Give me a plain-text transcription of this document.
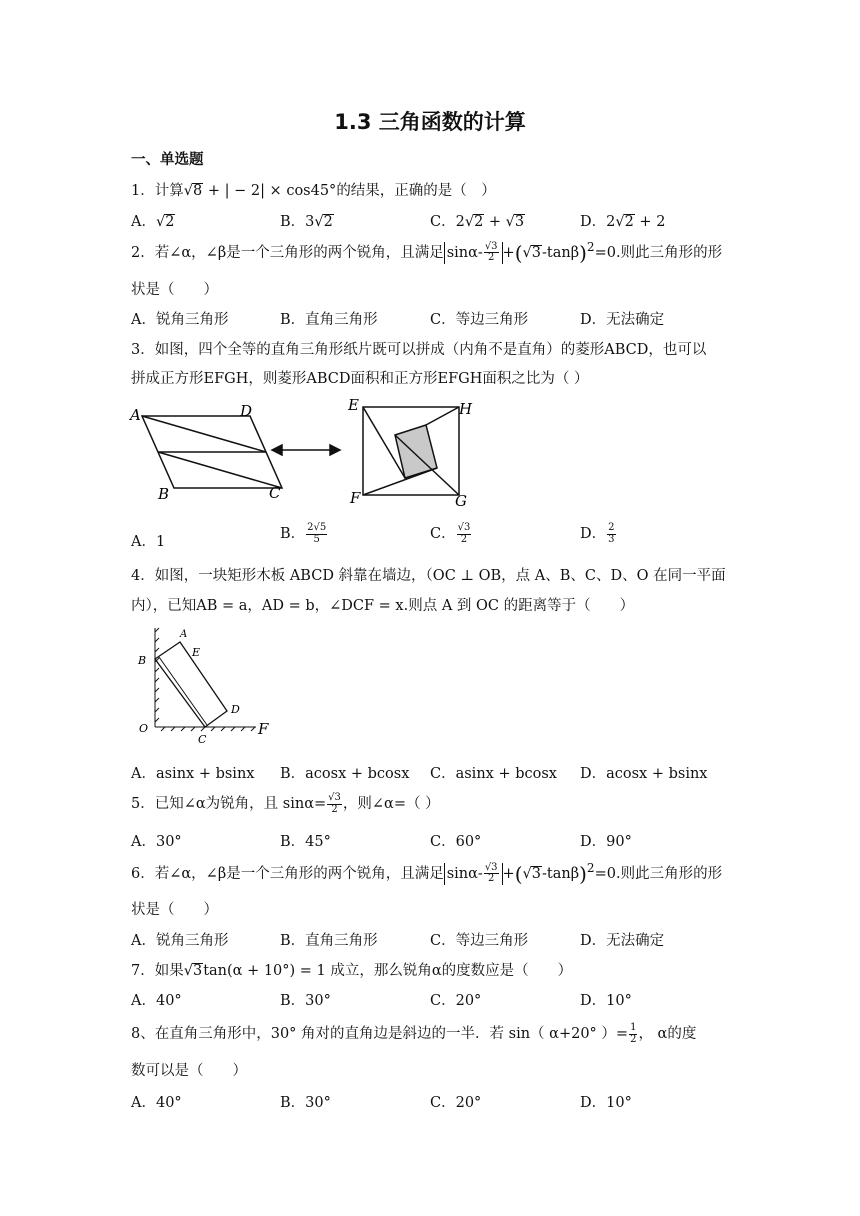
1.3 三角函数的计算
一、单选题
1．计算√8 + | − 2| × cos45°的结果，正确的是（　）
A．√2	B．3√2	C．2√2 + √3	D．2√2 + 2
2．若∠α，∠β是一个三角形的两个锐角，且满足 $\sin\alpha- \frac{√3}{2} +(√3-\tan\beta)^2=0$.则此三角形的形
状是（　　）
A．锐角三角形	B．直角三角形	C．等边三角形	D．无法确定
3．如图，四个全等的直角三角形纸片既可以拼成（内角不是直角）的菱形ABCD，也可以
拼成正方形EFGH，则菱形ABCD面积和正方形EFGH面积之比为（ ）
A	D
B	C
E	H
F	G
A．1	B． $\frac{2√5}{5}$	C． $\frac{√3}{2}$	D． $\frac{2}{3}$
4．如图，一块矩形木板 ABCD 斜靠在墙边，（OC ⊥ OB，点 A、B、C、D、O 在同一平面
内），已知AB = a，AD = b，∠DCF = x.则点 A 到 OC 的距离等于（　　）
A
E
B
D
O
C
F
A．asinx + bsinx B．acosx + bcosx C．asinx + bcosx D．acosx + bsinx
5．已知∠α为锐角，且 $\sin\alpha= \frac{√3}{2}$ ，则∠α=（ ）
A．30°	B．45°	C．60°	D．90°
6．若∠α，∠β是一个三角形的两个锐角，且满足 $\sin\alpha- \frac{√3}{2} +(√3-\tan\beta)^2=0$.则此三角形的形
状是（　　）
A．锐角三角形	B．直角三角形	C．等边三角形	D．无法确定
7．如果√3tan(α + 10°) = 1 成立，那么锐角α的度数应是（　　）
A．40°	B．30°	C．20°	D．10°
8、在直角三角形中，30° 角对的直角边是斜边的一半．若 sin（ α+20° ）= $\frac{1}{2}$ ， α的度
数可以是（　　）
A．40°	B．30°	C．20°	D．10°
